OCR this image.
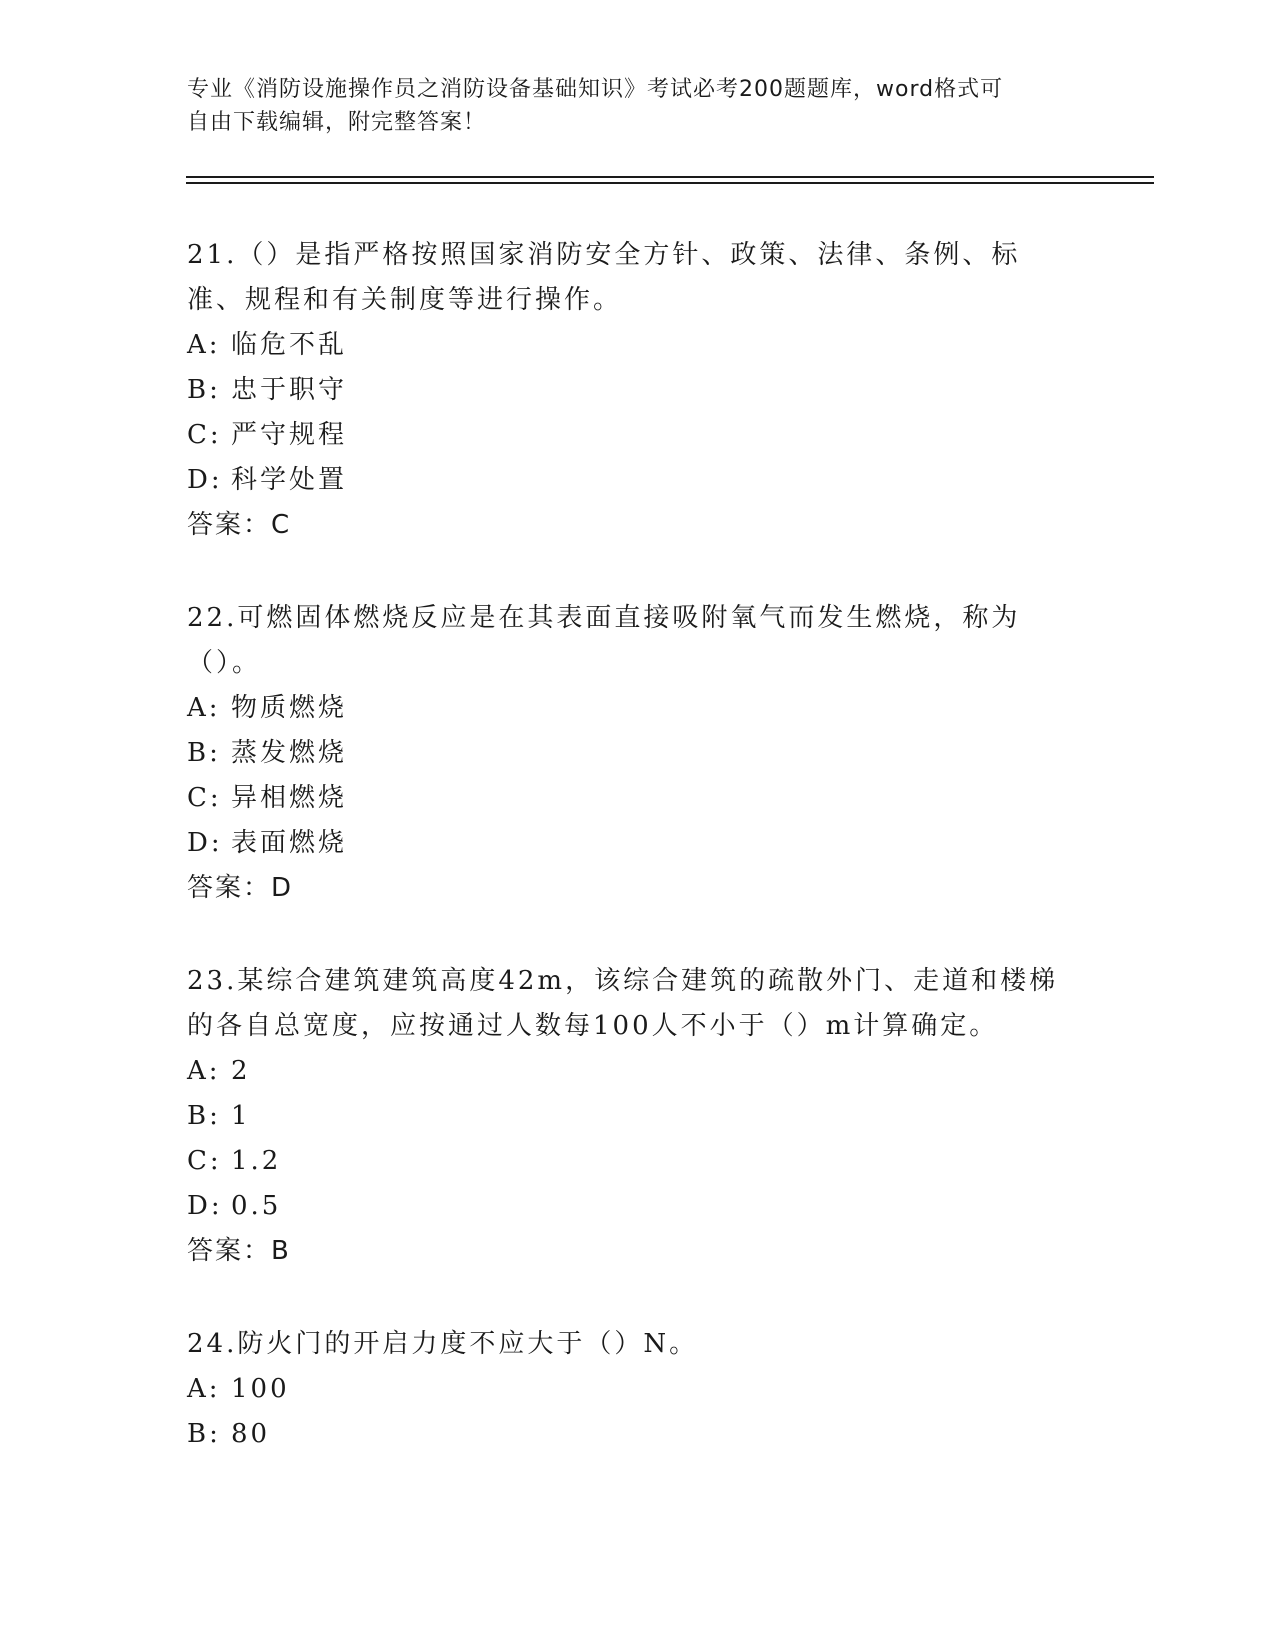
专业《消防设施操作员之消防设备基础知识》考试必考200题题库，word格式可
自由下载编辑，附完整答案！
21.（）是指严格按照国家消防安全方针、政策、法律、条例、标准、规程和有关制度等进行操作。
A: 临危不乱
B: 忠于职守
C: 严守规程
D: 科学处置
答案：C
22.可燃固体燃烧反应是在其表面直接吸附氧气而发生燃烧，称为（）。
A: 物质燃烧
B: 蒸发燃烧
C: 异相燃烧
D: 表面燃烧
答案：D
23.某综合建筑建筑高度42m，该综合建筑的疏散外门、走道和楼梯的各自总宽度，应按通过人数每100人不小于（）m计算确定。
A: 2
B: 1
C: 1.2
D: 0.5
答案：B
24.防火门的开启力度不应大于（）N。
A: 100
B: 80
